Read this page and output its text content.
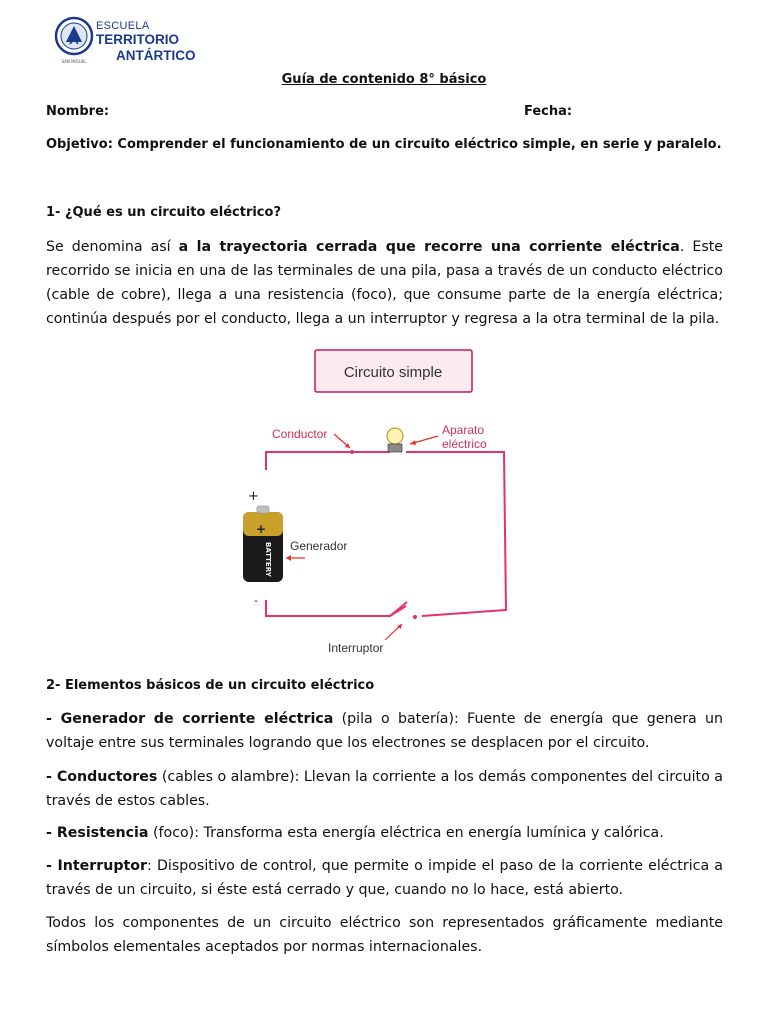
ESCUELA
TERRITORIO
ANTÁRTICO
SAN MIGUEL
Guía de contenido 8° básico
Nombre:	Fecha:
Objetivo: Comprender el funcionamiento de un circuito eléctrico simple, en serie y paralelo.
1- ¿Qué es un circuito eléctrico?
Se denomina así a la trayectoria cerrada que recorre una corriente eléctrica. Este recorrido se inicia en una de las terminales de una pila, pasa a través de un conducto eléctrico (cable de cobre), llega a una resistencia (foco), que consume parte de la energía eléctrica; continúa después por el conducto, llega a un interruptor y regresa a la otra terminal de la pila.
Circuito simple
+
BATTERY
+
-
Conductor	Aparato
eléctrico
Generador
Interruptor
2- Elementos básicos de un circuito eléctrico
- Generador de corriente eléctrica (pila o batería): Fuente de energía que genera un voltaje entre sus terminales logrando que los electrones se desplacen por el circuito.
- Conductores (cables o alambre): Llevan la corriente a los demás componentes del circuito a través de estos cables.
- Resistencia (foco): Transforma esta energía eléctrica en energía lumínica y calórica.
- Interruptor: Dispositivo de control, que permite o impide el paso de la corriente eléctrica a través de un circuito, si éste está cerrado y que, cuando no lo hace, está abierto.
Todos los componentes de un circuito eléctrico son representados gráficamente mediante símbolos elementales aceptados por normas internacionales.
